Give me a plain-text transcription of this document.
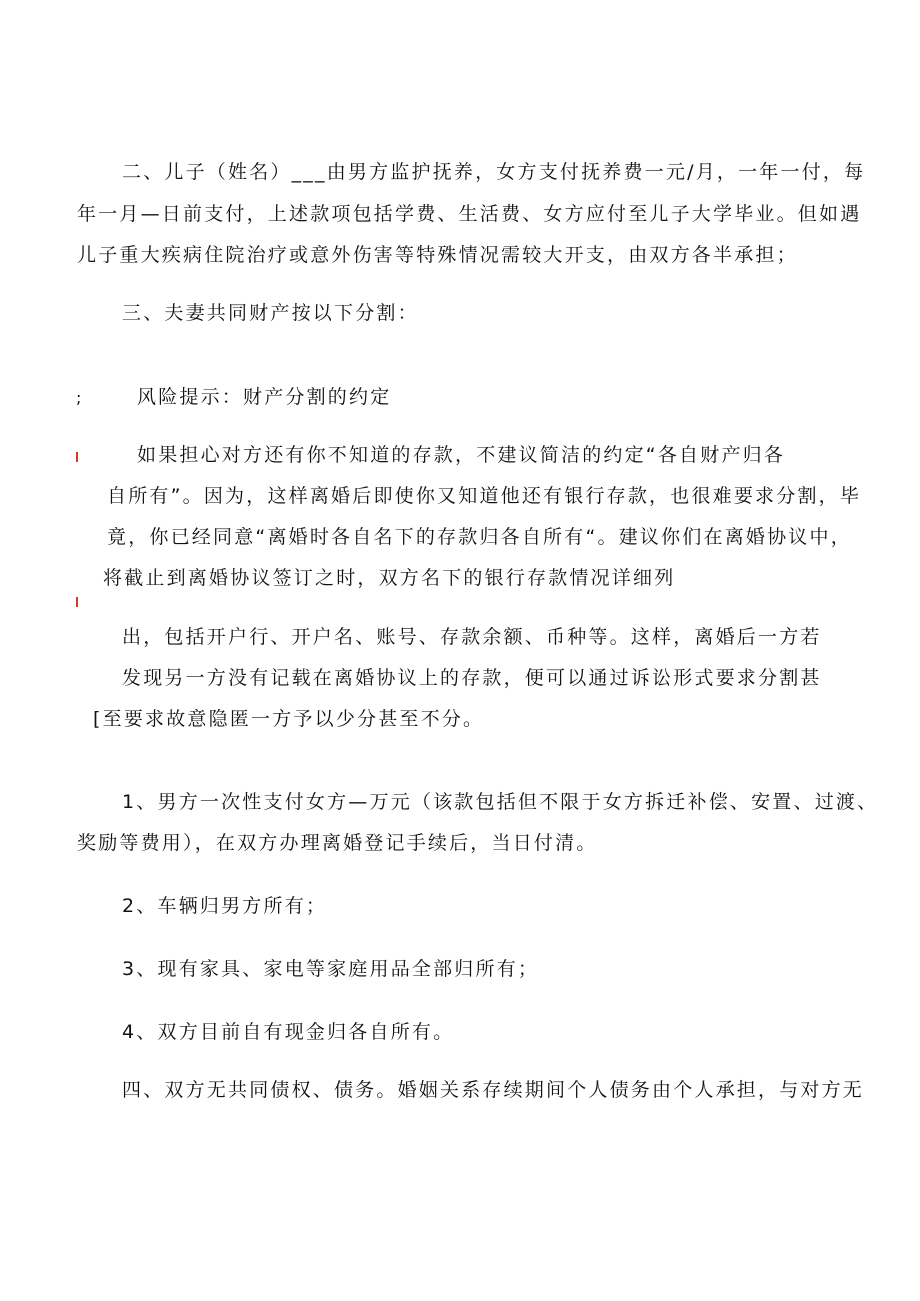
二、儿子（姓名）___由男方监护抚养，女方支付抚养费一元/月，一年一付，每
年一月—日前支付，上述款项包括学费、生活费、女方应付至儿子大学毕业。但如遇
儿子重大疾病住院治疗或意外伤害等特殊情况需较大开支，由双方各半承担；
三、夫妻共同财产按以下分割：
;	风险提示：财产分割的约定
如果担心对方还有你不知道的存款，不建议简洁的约定“各自财产归各
自所有”。因为，这样离婚后即使你又知道他还有银行存款，也很难要求分割，毕
竟，你已经同意“离婚时各自名下的存款归各自所有“。建议你们在离婚协议中，
将截止到离婚协议签订之时，双方名下的银行存款情况详细列
出，包括开户行、开户名、账号、存款余额、币种等。这样，离婚后一方若
发现另一方没有记载在离婚协议上的存款，便可以通过诉讼形式要求分割甚
[至要求故意隐匿一方予以少分甚至不分。
1、男方一次性支付女方—万元（该款包括但不限于女方拆迁补偿、安置、过渡、
奖励等费用），在双方办理离婚登记手续后，当日付清。
2、车辆归男方所有；
3、现有家具、家电等家庭用品全部归所有；
4、双方目前自有现金归各自所有。
四、双方无共同债权、债务。婚姻关系存续期间个人债务由个人承担，与对方无
